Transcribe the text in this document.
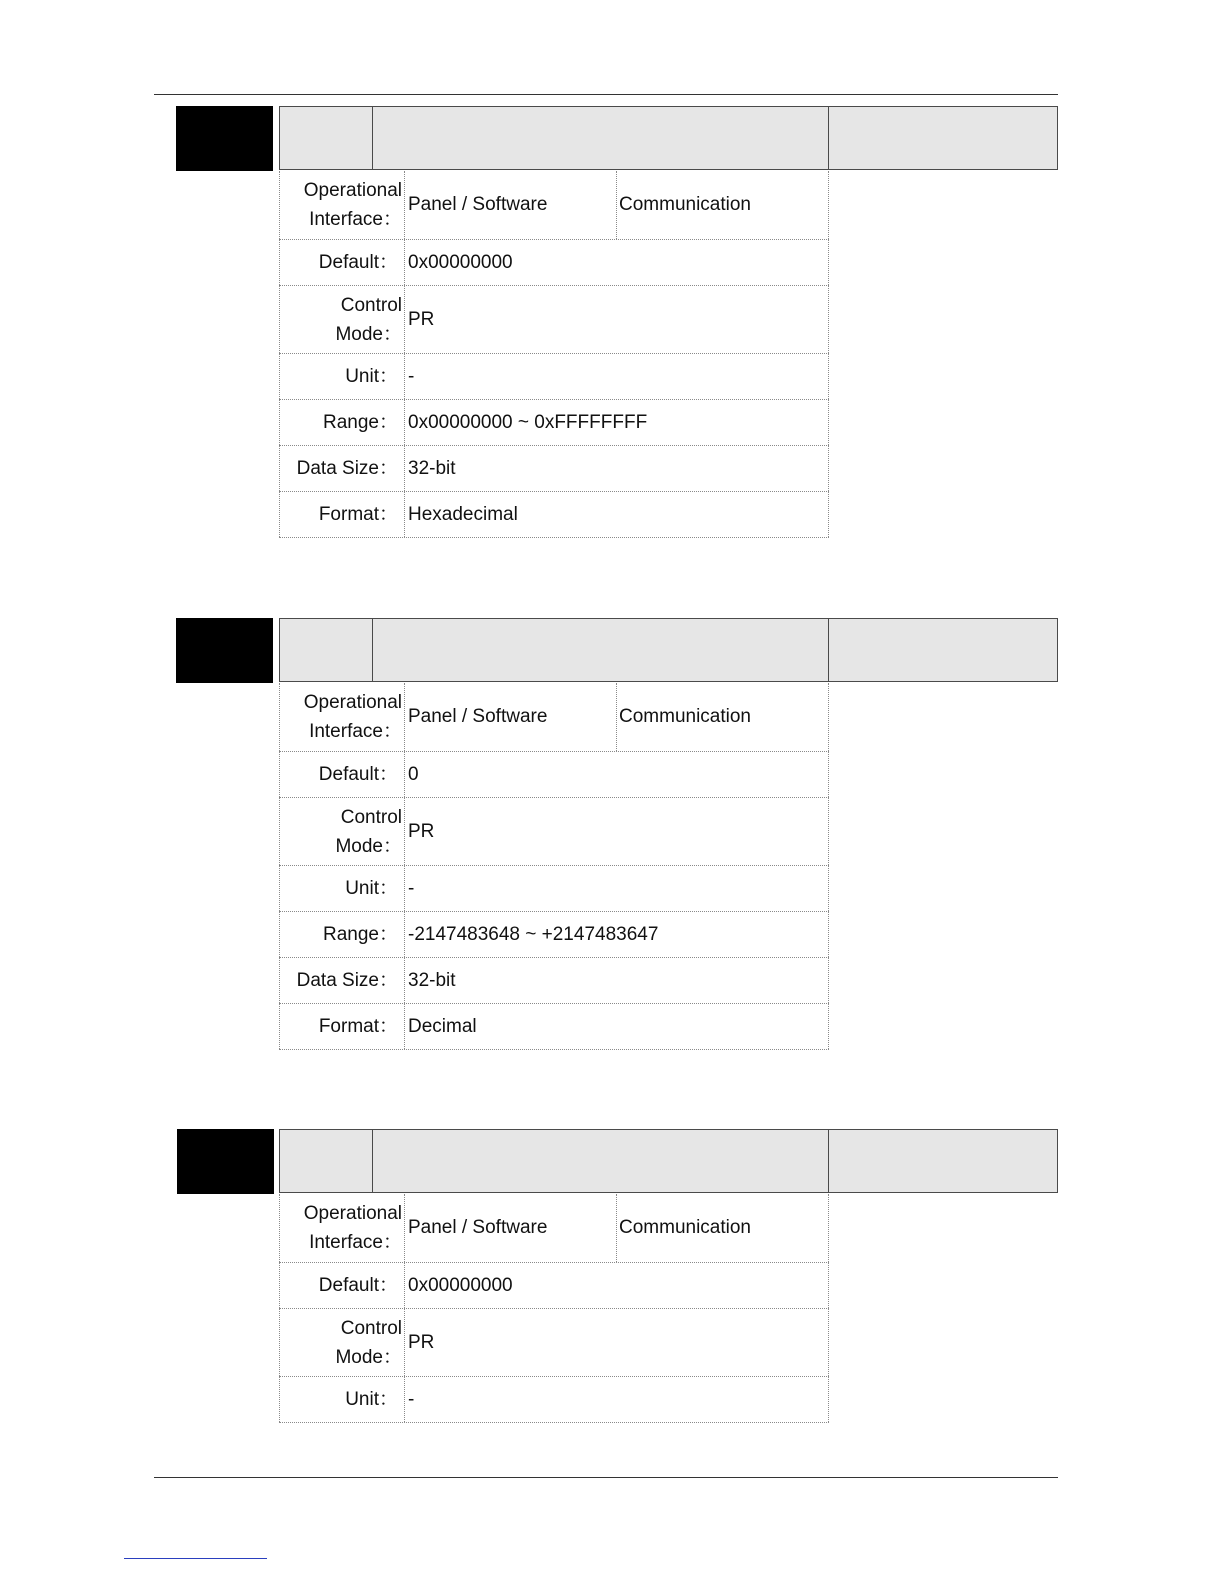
Operational
Interface：
Panel / Software	Communication
Default： 0x00000000
Control
Mode：
PR
Unit： -
Range： 0x00000000 ~ 0xFFFFFFFF
Data Size： 32-bit
Format： Hexadecimal
Operational
Interface：
Panel / Software	Communication
Default： 0
Control
Mode：
PR
Unit： -
Range： -2147483648 ~ +2147483647
Data Size： 32-bit
Format： Decimal
Operational
Interface：
Panel / Software	Communication
Default： 0x00000000
Control
Mode：
PR
Unit： -
